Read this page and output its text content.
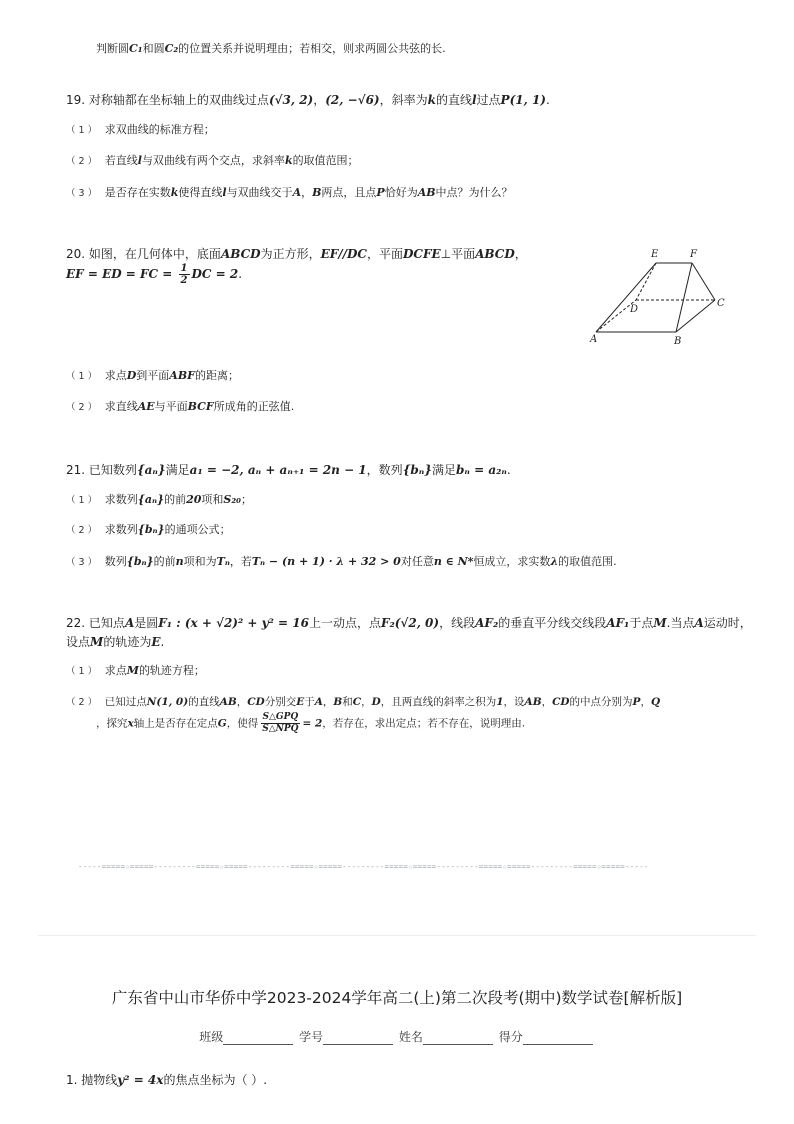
判断圆C₁和圆C₂的位置关系并说明理由；若相交，则求两圆公共弦的长.
19. 对称轴都在坐标轴上的双曲线过点(√3, 2)，(2, −√6)，斜率为k的直线l过点P(1, 1).
（ 1 ） 求双曲线的标准方程；
（ 2 ） 若直线l与双曲线有两个交点，求斜率k的取值范围；
（ 3 ） 是否存在实数k使得直线l与双曲线交于A，B两点，且点P恰好为AB中点？为什么？
20. 如图，在几何体中，底面ABCD为正方形，EF//DC，平面DCFE⊥平面ABCD，
EF = ED = FC = $\frac{1}{2}$ DC = 2.
E	F
C
D
A	B
（ 1 ） 求点D到平面ABF的距离；
（ 2 ） 求直线AE与平面BCF所成角的正弦值.
21. 已知数列{aₙ}满足a₁ = −2, aₙ + aₙ₊₁ = 2n − 1，数列{bₙ}满足bₙ = a₂ₙ.
（ 1 ） 求数列{aₙ}的前20项和S₂₀；
（ 2 ） 求数列{bₙ}的通项公式；
（ 3 ） 数列{bₙ}的前n项和为Tₙ，若Tₙ − (n + 1) · λ + 32 > 0对任意n ∈ N*恒成立，求实数λ的取值范围.
22. 已知点A是圆F₁ : (x + √2)² + y² = 16上一动点，点F₂(√2, 0)，线段AF₂的垂直平分线交线段AF₁于点M.当点A运动时，
设点M的轨迹为E.
（ 1 ） 求点M的轨迹方程；
（ 2 ） 已知过点N(1, 0)的直线AB，CD分别交E于A，B和C，D，且两直线的斜率之积为1，设AB，CD的中点分别为P，Q
，探究x轴上是否存在定点G，使得 $\frac{\text{S△GPQ}}{\text{S△NPQ}} = 2$，若存在，求出定点；若不存在，说明理由.
-----=====☆=====---------=====☆=====---------=====☆=====---------=====☆=====---------=====☆=====---------=====☆=====-----
广东省中山市华侨中学2023-2024学年高二(上)第二次段考(期中)数学试卷[解析版]
班级	学号	姓名	得分
1. 抛物线y² = 4x的焦点坐标为（ ）.
